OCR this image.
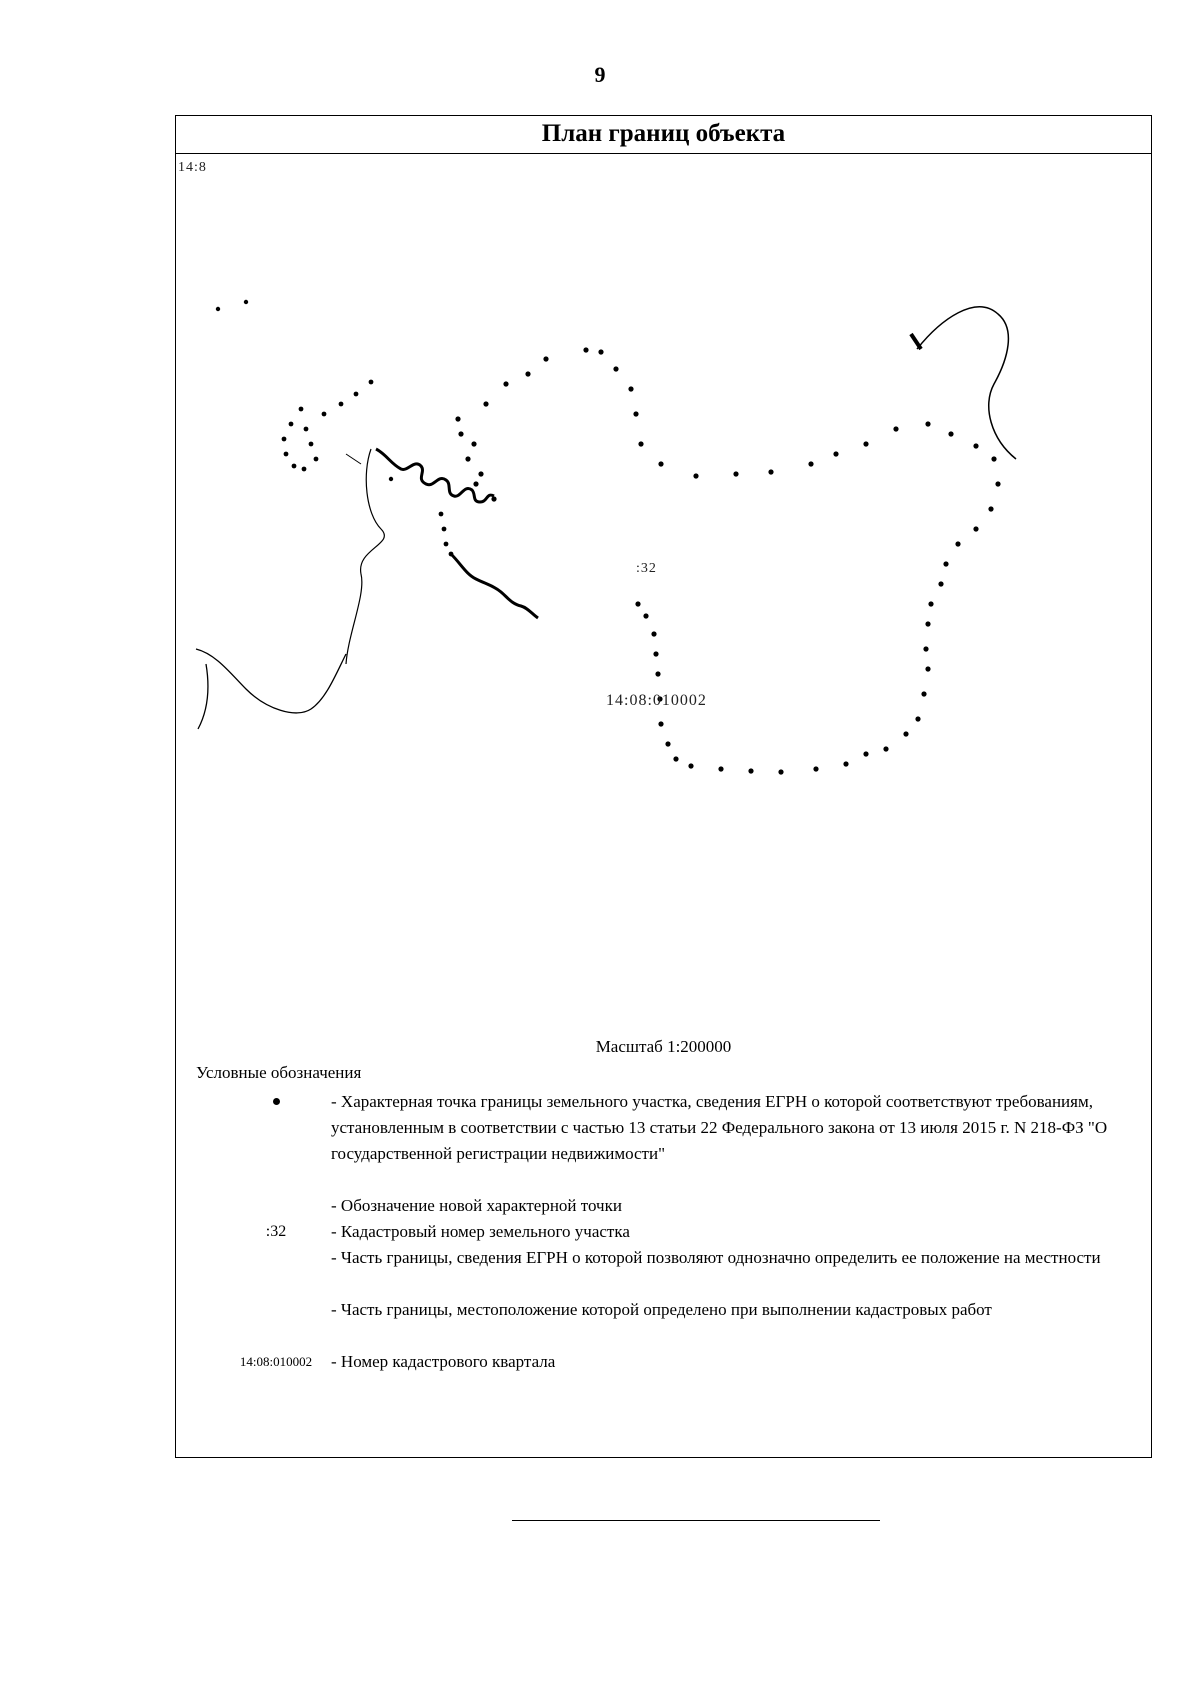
9
План границ объекта
14:8
:32
14:08:010002
Масштаб 1:200000
Условные обозначения
- Характерная точка границы земельного участка, сведения ЕГРН о которой соответствуют требованиям, установленным в соответствии с частью 13 статьи 22 Федерального закона от 13 июля 2015 г. N 218-ФЗ "О государственной регистрации недвижимости"
- Обозначение новой характерной точки
:32	- Кадастровый номер земельного участка
- Часть границы, сведения ЕГРН о которой позволяют однозначно определить ее положение на местности
- Часть границы, местоположение которой определено при выполнении кадастровых работ
14:08:010002	- Номер кадастрового квартала
